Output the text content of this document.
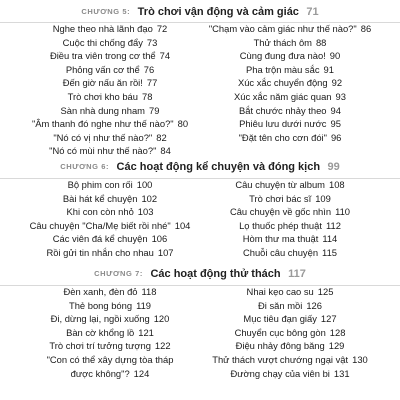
CHƯƠNG 5: Trò chơi vận động và cảm giác 71
Nghe theo nhà lãnh đạo 72
Cuộc thi chống đẩy 73
Điều tra viên trong cơ thể 74
Phỏng vấn cơ thể 76
Đến giờ nấu ăn rồi! 77
Trò chơi kho báu 78
Sàn nhà dung nham 79
"Âm thanh đó nghe như thế nào?" 80
"Nó có vị như thế nào?" 82
"Nó có mùi như thế nào?" 84
"Chạm vào cảm giác như thế nào?" 86
Thử thách ôm 88
Cùng đung đưa nào! 90
Pha trộn màu sắc 91
Xúc xắc chuyển động 92
Xúc xắc năm giác quan 93
Bắt chước nhảy theo 94
Phiêu lưu dưới nước 95
"Đặt tên cho cơn đói" 96
CHƯƠNG 6: Các hoạt động kể chuyện và đóng kịch 99
Bộ phim con rối 100
Bài hát kể chuyện 102
Khi con còn nhỏ 103
Câu chuyện "Cha/Mẹ biết rồi nhé" 104
Các viên đá kể chuyện 106
Rồi gửi tin nhắn cho nhau 107
Câu chuyện từ album 108
Trò chơi bác sĩ 109
Câu chuyện về gốc nhìn 110
Lọ thuốc phép thuật 112
Hòm thư ma thuật 114
Chuỗi câu chuyện 115
CHƯƠNG 7: Các hoạt động thử thách 117
Đèn xanh, đèn đỏ 118
Thẻ bong bóng 119
Đi, dừng lại, ngồi xuống 120
Bàn cờ khổng lồ 121
Trò chơi trí tưởng tượng 122
"Con có thể xây dựng tòa tháp được không"? 124
Nhai kẹo cao su 125
Đi săn mồi 126
Mục tiêu đạn giấy 127
Chuyển cục bông gòn 128
Điệu nhảy đông băng 129
Thử thách vượt chướng ngại vật 130
Đường chạy của viên bi 131
